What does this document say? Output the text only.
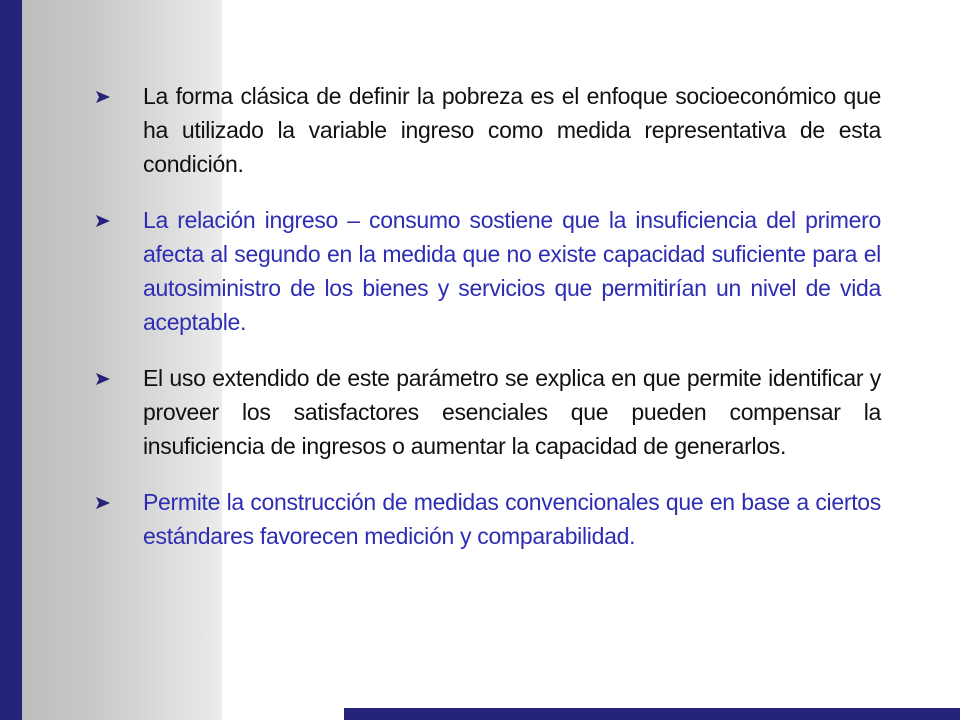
La forma clásica de definir la pobreza es el enfoque socioeconómico que ha utilizado la variable ingreso como medida representativa de esta condición.
La relación ingreso – consumo sostiene que la insuficiencia del primero afecta al segundo en la medida que no existe capacidad suficiente para el autosiministro de los bienes y servicios que permitirían un nivel de vida aceptable.
El uso extendido de este parámetro se explica en que permite identificar y proveer los satisfactores esenciales que pueden compensar la insuficiencia de ingresos o aumentar la capacidad de generarlos.
Permite la construcción de medidas convencionales que en base a ciertos estándares favorecen medición y comparabilidad.
